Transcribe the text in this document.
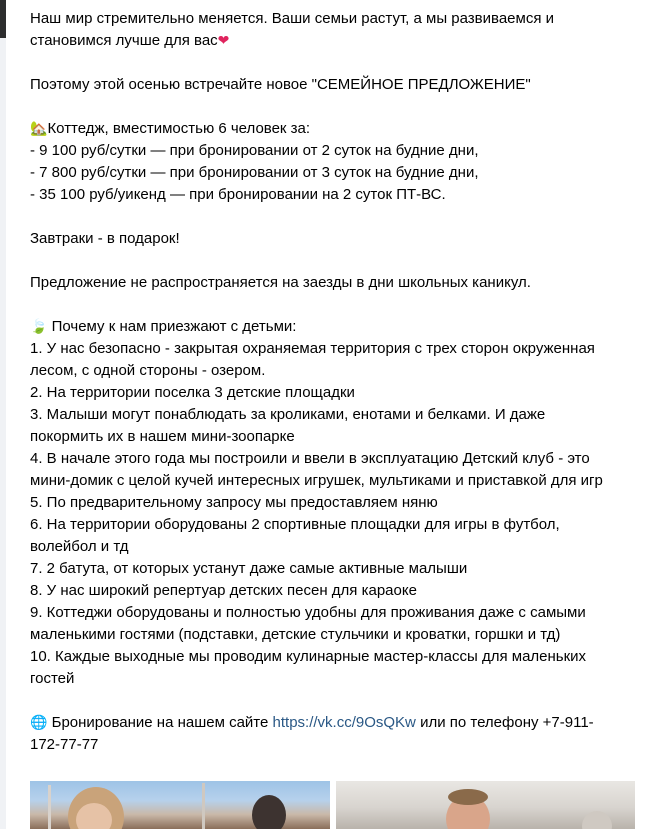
Наш мир стремительно меняется. Ваши семьи растут, а мы развиваемся и
становимся лучше для вас❤
Поэтому этой осенью встречайте новое "СЕМЕЙНОЕ ПРЕДЛОЖЕНИЕ"
🏡Коттедж, вместимостью 6 человек за:
- 9 100 руб/сутки — при бронировании от 2 суток на будние дни,
- 7 800 руб/сутки — при бронировании от 3 суток на будние дни,
- 35 100 руб/уикенд — при бронировании на 2 суток ПТ-ВС.
Завтраки - в подарок!
Предложение не распространяется на заезды в дни школьных каникул.
🍃 Почему к нам приезжают с детьми:
1. У нас безопасно - закрытая охраняемая территория с трех сторон окруженная
лесом, с одной стороны - озером.
2. На территории поселка 3 детские площадки
3. Малыши могут понаблюдать за кроликами, енотами и белками. И даже
покормить их в нашем мини-зоопарке
4. В начале этого года мы построили и ввели в эксплуатацию Детский клуб - это
мини-домик с целой кучей интересных игрушек, мультиками и приставкой для игр
5. По предварительному запросу мы предоставляем няню
6. На территории оборудованы 2 спортивные площадки для игры в футбол,
волейбол и тд
7. 2 батута, от которых устанут даже самые активные малыши
8. У нас широкий репертуар детских песен для караоке
9. Коттеджи оборудованы и полностью удобны для проживания даже с самыми
маленькими гостями (подставки, детские стульчики и кроватки, горшки и тд)
10. Каждые выходные мы проводим кулинарные мастер-классы для маленьких
гостей
🌐 Бронирование на нашем сайте https://vk.cc/9OsQKw или по телефону +7-911-
172-77-77
